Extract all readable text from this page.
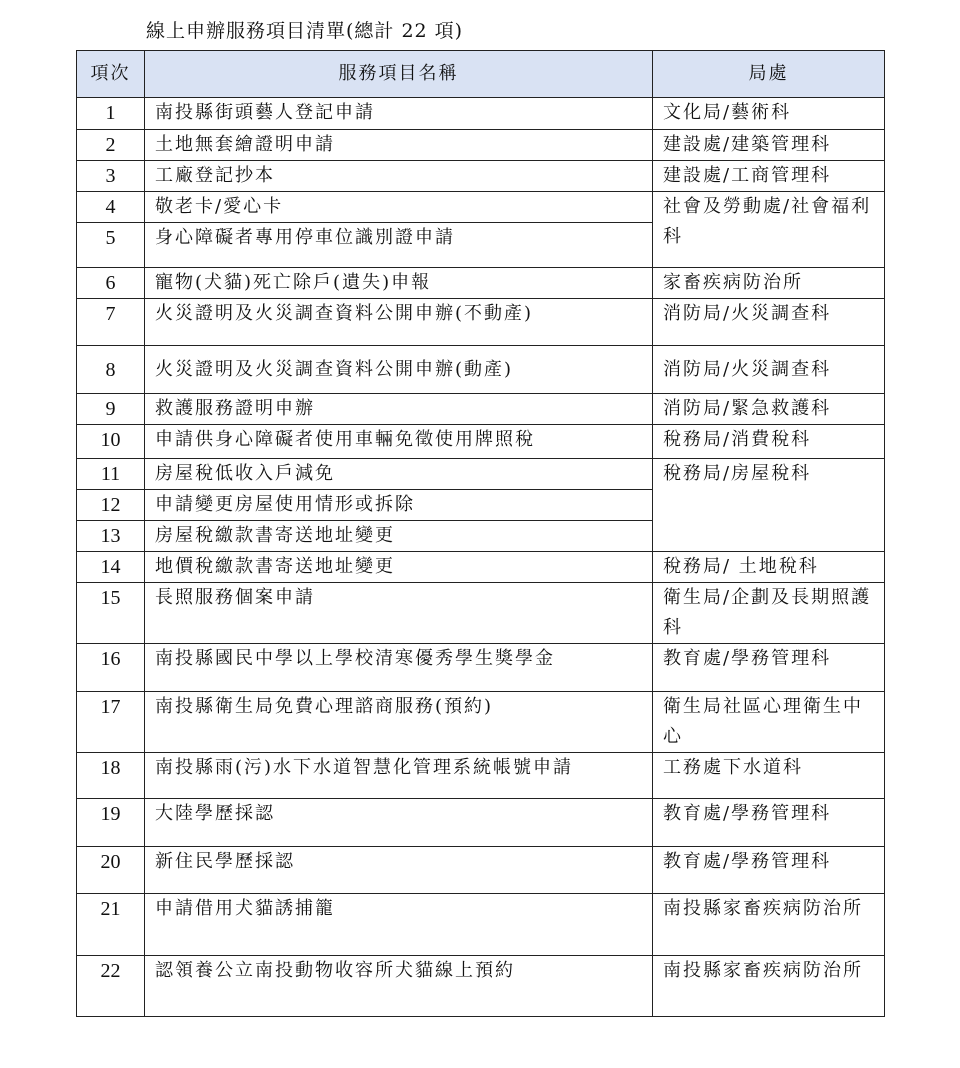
線上申辦服務項目清單(總計 22 項)
項次	服務項目名稱	局處
1	南投縣街頭藝人登記申請	文化局/藝術科
2	土地無套繪證明申請	建設處/建築管理科
3	工廠登記抄本	建設處/工商管理科
4	敬老卡/愛心卡	社會及勞動處/社會福利科
5	身心障礙者專用停車位識別證申請	
6	寵物(犬貓)死亡除戶(遺失)申報	家畜疾病防治所
7	火災證明及火災調查資料公開申辦(不動產)	消防局/火災調查科
8	火災證明及火災調查資料公開申辦(動產)	消防局/火災調查科
9	救護服務證明申辦	消防局/緊急救護科
10	申請供身心障礙者使用車輛免徵使用牌照稅	稅務局/消費稅科
11	房屋稅低收入戶減免	稅務局/房屋稅科
12	申請變更房屋使用情形或拆除	
13	房屋稅繳款書寄送地址變更	
14	地價稅繳款書寄送地址變更	稅務局/ 土地稅科
15	長照服務個案申請	衛生局/企劃及長期照護科
16	南投縣國民中學以上學校清寒優秀學生獎學金	教育處/學務管理科
17	南投縣衛生局免費心理諮商服務(預約)	衛生局社區心理衛生中心
18	南投縣雨(污)水下水道智慧化管理系統帳號申請	工務處下水道科
19	大陸學歷採認	教育處/學務管理科
20	新住民學歷採認	教育處/學務管理科
21	申請借用犬貓誘捕籠	南投縣家畜疾病防治所
22	認領養公立南投動物收容所犬貓線上預約	南投縣家畜疾病防治所
